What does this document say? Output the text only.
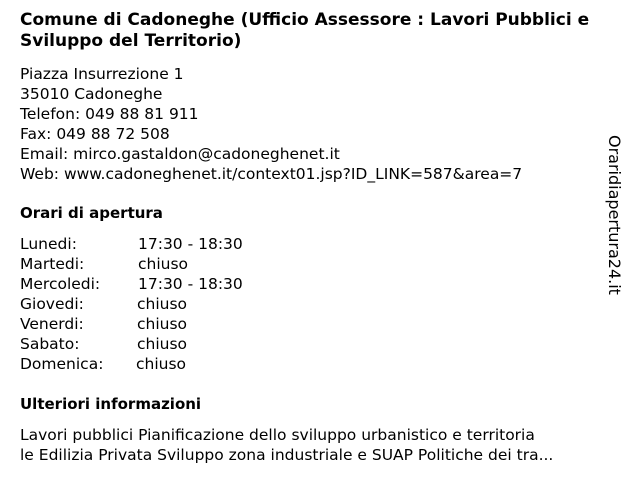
Comune di Cadoneghe (Ufficio Assessore : Lavori Pubblici e Sviluppo del Territorio)
Piazza Insurrezione 1
35010 Cadoneghe
Telefon: 049 88 81 911
Fax: 049 88 72 508
Email: mirco.gastaldon@cadoneghenet.it
Web: www.cadoneghenet.it/context01.jsp?ID_LINK=587&area=7
Orari di apertura
Lunedi:	17:30 - 18:30
Martedi:	chiuso
Mercoledi: 17:30 - 18:30
Giovedi:	chiuso
Venerdi:	chiuso
Sabato:	chiuso
Domenica: chiuso
Ulteriori informazioni
Lavori pubblici Pianificazione dello sviluppo urbanistico e territoria
le Edilizia Privata Sviluppo zona industriale e SUAP Politiche dei tra...
Oraridiapertura24.it
